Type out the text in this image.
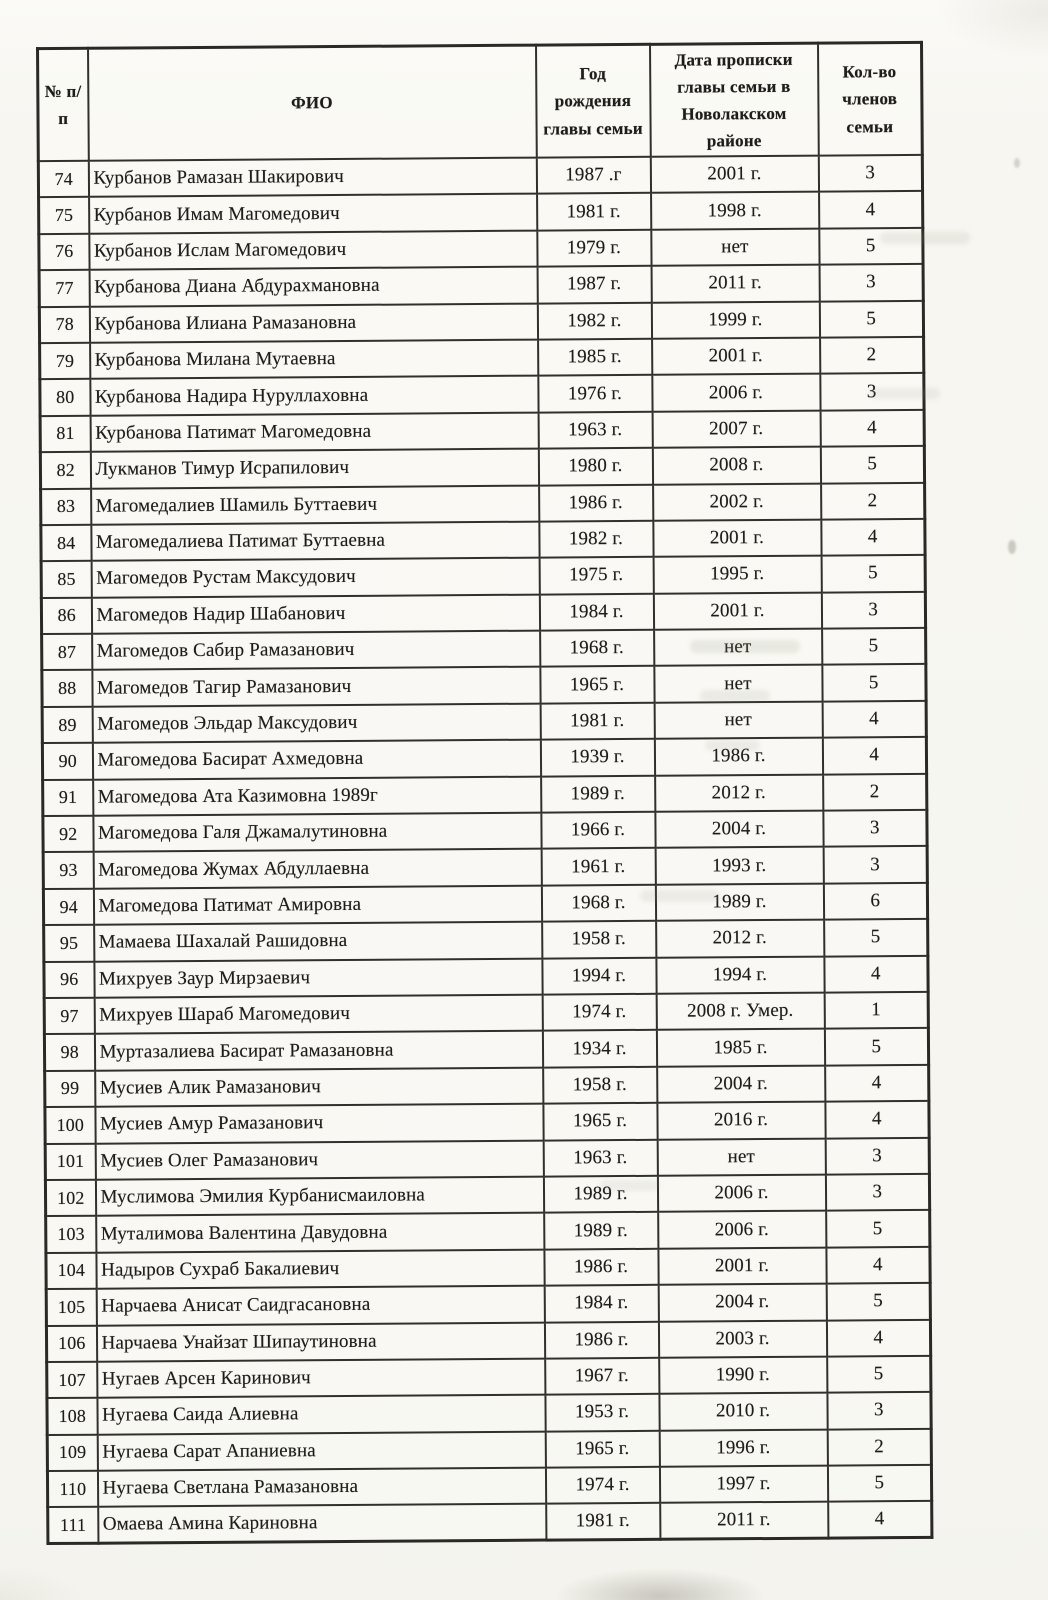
№ п/п	ФИО	Год рождения главы семьи	Дата прописки главы семьи в Новолакском районе	Кол-во членов семьи
74	Курбанов Рамазан Шакирович	1987 .г	2001 г.	3
75	Курбанов Имам Магомедович	1981 г.	1998 г.	4
76	Курбанов Ислам Магомедович	1979 г.	нет	5
77	Курбанова Диана Абдурахмановна	1987 г.	2011 г.	3
78	Курбанова Илиана Рамазановна	1982 г.	1999 г.	5
79	Курбанова Милана Мутаевна	1985 г.	2001 г.	2
80	Курбанова Надира Нуруллаховна	1976 г.	2006 г.	3
81	Курбанова Патимат Магомедовна	1963 г.	2007 г.	4
82	Лукманов Тимур Исрапилович	1980 г.	2008 г.	5
83	Магомедалиев Шамиль Буттаевич	1986 г.	2002 г.	2
84	Магомедалиева Патимат Буттаевна	1982 г.	2001 г.	4
85	Магомедов Рустам Максудович	1975 г.	1995 г.	5
86	Магомедов Надир Шабанович	1984 г.	2001 г.	3
87	Магомедов Сабир Рамазанович	1968 г.	нет	5
88	Магомедов Тагир Рамазанович	1965 г.	нет	5
89	Магомедов Эльдар Максудович	1981 г.	нет	4
90	Магомедова Басират Ахмедовна	1939 г.	1986 г.	4
91	Магомедова Ата Казимовна 1989г	1989 г.	2012 г.	2
92	Магомедова Галя Джамалутиновна	1966 г.	2004 г.	3
93	Магомедова Жумах Абдуллаевна	1961 г.	1993 г.	3
94	Магомедова Патимат Амировна	1968 г.	1989 г.	6
95	Мамаева Шахалай Рашидовна	1958 г.	2012 г.	5
96	Михруев Заур Мирзаевич	1994 г.	1994 г.	4
97	Михруев Шараб Магомедович	1974 г.	2008 г. Умер.	1
98	Муртазалиева Басират Рамазановна	1934 г.	1985 г.	5
99	Мусиев Алик Рамазанович	1958 г.	2004 г.	4
100	Мусиев Амур Рамазанович	1965 г.	2016 г.	4
101	Мусиев Олег Рамазанович	1963 г.	нет	3
102	Муслимова Эмилия Курбанисмаиловна	1989 г.	2006 г.	3
103	Муталимова Валентина Давудовна	1989 г.	2006 г.	5
104	Надыров Сухраб Бакалиевич	1986 г.	2001 г.	4
105	Нарчаева Анисат Саидгасановна	1984 г.	2004 г.	5
106	Нарчаева Унайзат Шипаутиновна	1986 г.	2003 г.	4
107	Нугаев Арсен Каринович	1967 г.	1990 г.	5
108	Нугаева Саида Алиевна	1953 г.	2010 г.	3
109	Нугаева Сарат Апаниевна	1965 г.	1996 г.	2
110	Нугаева Светлана Рамазановна	1974 г.	1997 г.	5
111	Омаева Амина Кариновна	1981 г.	2011 г.	4
